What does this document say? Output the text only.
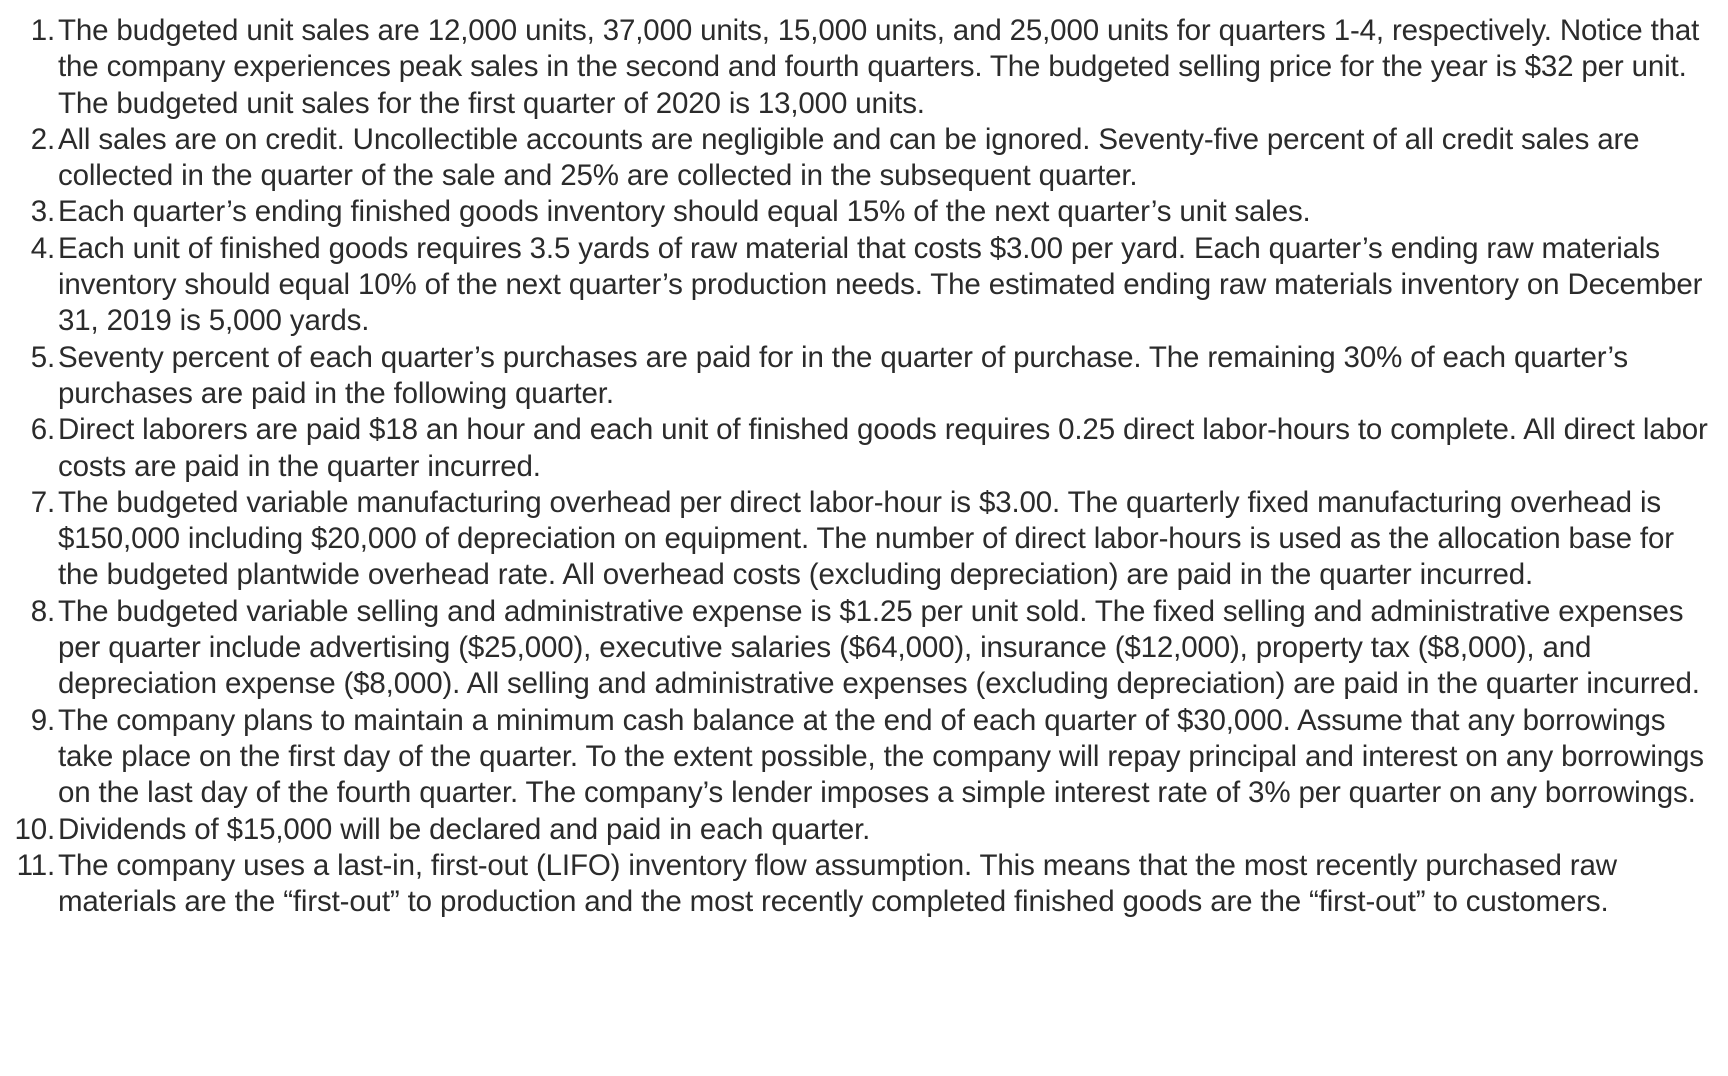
1. The budgeted unit sales are 12,000 units, 37,000 units, 15,000 units, and 25,000 units for quarters 1-4, respectively. Notice that the company experiences peak sales in the second and fourth quarters. The budgeted selling price for the year is $32 per unit. The budgeted unit sales for the first quarter of 2020 is 13,000 units.
2. All sales are on credit. Uncollectible accounts are negligible and can be ignored. Seventy-five percent of all credit sales are collected in the quarter of the sale and 25% are collected in the subsequent quarter.
3. Each quarter’s ending finished goods inventory should equal 15% of the next quarter’s unit sales.
4. Each unit of finished goods requires 3.5 yards of raw material that costs $3.00 per yard. Each quarter’s ending raw materials inventory should equal 10% of the next quarter’s production needs. The estimated ending raw materials inventory on December 31, 2019 is 5,000 yards.
5. Seventy percent of each quarter’s purchases are paid for in the quarter of purchase. The remaining 30% of each quarter’s purchases are paid in the following quarter.
6. Direct laborers are paid $18 an hour and each unit of finished goods requires 0.25 direct labor-hours to complete. All direct labor costs are paid in the quarter incurred.
7. The budgeted variable manufacturing overhead per direct labor-hour is $3.00. The quarterly fixed manufacturing overhead is $150,000 including $20,000 of depreciation on equipment. The number of direct labor-hours is used as the allocation base for the budgeted plantwide overhead rate. All overhead costs (excluding depreciation) are paid in the quarter incurred.
8. The budgeted variable selling and administrative expense is $1.25 per unit sold. The fixed selling and administrative expenses per quarter include advertising ($25,000), executive salaries ($64,000), insurance ($12,000), property tax ($8,000), and depreciation expense ($8,000). All selling and administrative expenses (excluding depreciation) are paid in the quarter incurred.
9. The company plans to maintain a minimum cash balance at the end of each quarter of $30,000. Assume that any borrowings take place on the first day of the quarter. To the extent possible, the company will repay principal and interest on any borrowings on the last day of the fourth quarter. The company’s lender imposes a simple interest rate of 3% per quarter on any borrowings.
10. Dividends of $15,000 will be declared and paid in each quarter.
11. The company uses a last-in, first-out (LIFO) inventory flow assumption. This means that the most recently purchased raw materials are the “first-out” to production and the most recently completed finished goods are the “first-out” to customers.
